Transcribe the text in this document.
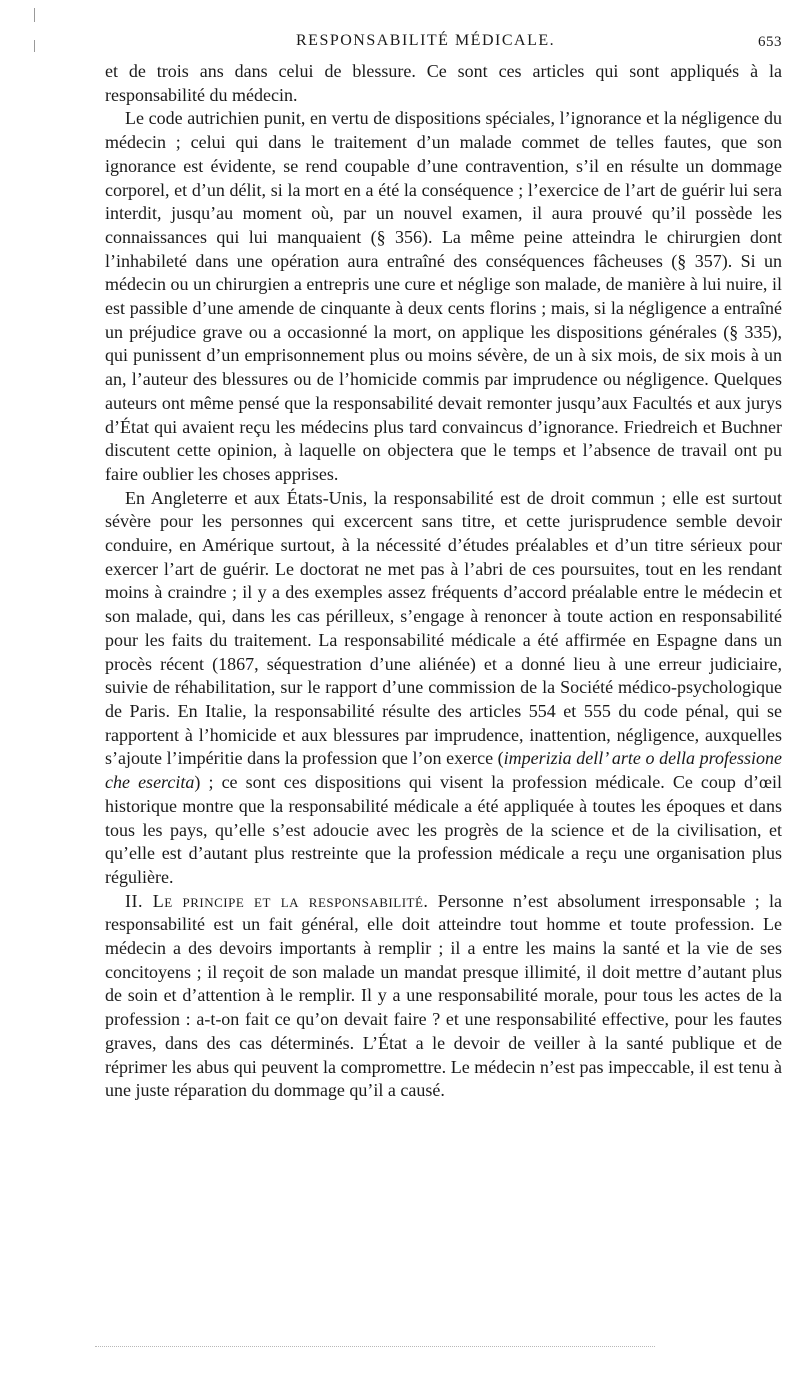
RESPONSABILITÉ MÉDICALE.	653

et de trois ans dans celui de blessure. Ce sont ces articles qui sont appliqués à la responsabilité du médecin.

Le code autrichien punit, en vertu de dispositions spéciales, l’ignorance et la négligence du médecin ; celui qui dans le traitement d’un malade commet de telles fautes, que son ignorance est évidente, se rend coupable d’une contravention, s’il en résulte un dommage corporel, et d’un délit, si la mort en a été la conséquence ; l’exercice de l’art de guérir lui sera interdit, jusqu’au moment où, par un nouvel examen, il aura prouvé qu’il possède les connaissances qui lui manquaient (§ 356). La même peine atteindra le chirurgien dont l’inhabileté dans une opération aura entraîné des conséquences fâcheuses (§ 357). Si un médecin ou un chirurgien a entrepris une cure et néglige son malade, de manière à lui nuire, il est passible d’une amende de cinquante à deux cents florins ; mais, si la négligence a entraîné un préjudice grave ou a occasionné la mort, on applique les dispositions générales (§ 335), qui punissent d’un emprisonnement plus ou moins sévère, de un à six mois, de six mois à un an, l’auteur des blessures ou de l’homicide commis par imprudence ou négligence. Quelques auteurs ont même pensé que la responsabilité devait remonter jusqu’aux Facultés et aux jurys d’État qui avaient reçu les médecins plus tard convaincus d’ignorance. Friedreich et Buchner discutent cette opinion, à laquelle on objectera que le temps et l’absence de travail ont pu faire oublier les choses apprises.

En Angleterre et aux États-Unis, la responsabilité est de droit commun ; elle est surtout sévère pour les personnes qui excercent sans titre, et cette jurisprudence semble devoir conduire, en Amérique surtout, à la nécessité d’études préalables et d’un titre sérieux pour exercer l’art de guérir. Le doctorat ne met pas à l’abri de ces poursuites, tout en les rendant moins à craindre ; il y a des exemples assez fréquents d’accord préalable entre le médecin et son malade, qui, dans les cas périlleux, s’engage à renoncer à toute action en responsabilité pour les faits du traitement. La responsabilité médicale a été affirmée en Espagne dans un procès récent (1867, séquestration d’une aliénée) et a donné lieu à une erreur judiciaire, suivie de réhabilitation, sur le rapport d’une commission de la Société médico-psychologique de Paris. En Italie, la responsabilité résulte des articles 554 et 555 du code pénal, qui se rapportent à l’homicide et aux blessures par imprudence, inattention, négligence, auxquelles s’ajoute l’impéritie dans la profession que l’on exerce (imperizia dell’ arte o della professione che esercita) ; ce sont ces dispositions qui visent la profession médicale. Ce coup d’œil historique montre que la responsabilité médicale a été appliquée à toutes les époques et dans tous les pays, qu’elle s’est adoucie avec les progrès de la science et de la civilisation, et qu’elle est d’autant plus restreinte que la profession médicale a reçu une organisation plus régulière.

II. Le principe et la responsabilité. Personne n’est absolument irresponsable ; la responsabilité est un fait général, elle doit atteindre tout homme et toute profession. Le médecin a des devoirs importants à remplir ; il a entre les mains la santé et la vie de ses concitoyens ; il reçoit de son malade un mandat presque illimité, il doit mettre d’autant plus de soin et d’attention à le remplir. Il y a une responsabilité morale, pour tous les actes de la profession : a-t-on fait ce qu’on devait faire ? et une responsabilité effective, pour les fautes graves, dans des cas déterminés. L’État a le devoir de veiller à la santé publique et de réprimer les abus qui peuvent la compromettre. Le médecin n’est pas impeccable, il est tenu à une juste réparation du dommage qu’il a causé.
